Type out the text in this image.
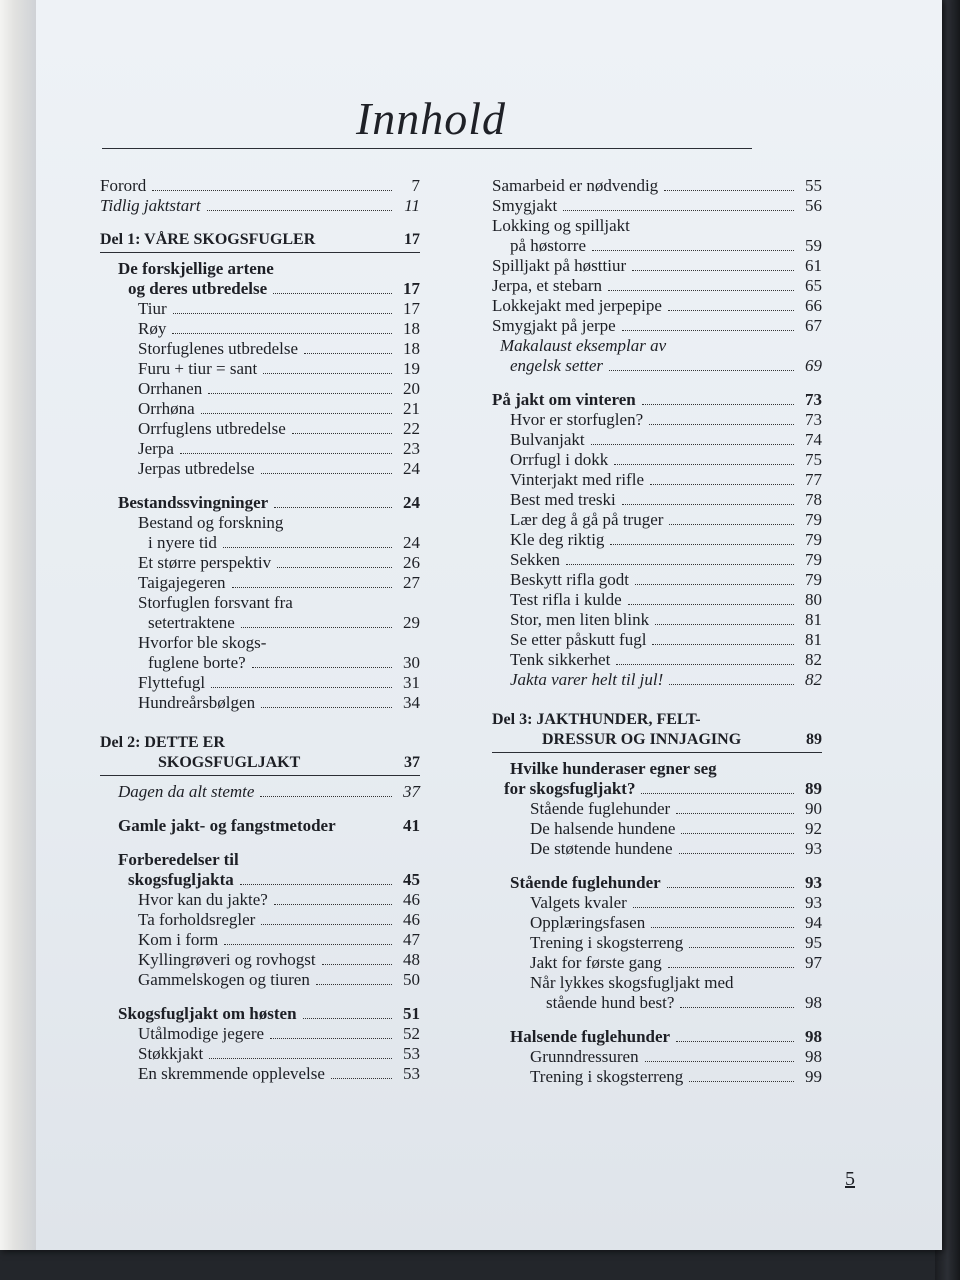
Innhold
Forord	7
Tidlig jaktstart	11
Del 1: VÅRE SKOGSFUGLER	17
De forskjellige artene
og deres utbredelse	17
Tiur	17
Røy	18
Storfuglenes utbredelse	18
Furu + tiur = sant	19
Orrhanen	20
Orrhøna	21
Orrfuglens utbredelse	22
Jerpa	23
Jerpas utbredelse	24
Bestandssvingninger	24
Bestand og forskning
i nyere tid	24
Et større perspektiv	26
Taigajegeren	27
Storfuglen forsvant fra
setertraktene	29
Hvorfor ble skogs-
fuglene borte?	30
Flyttefugl	31
Hundreårsbølgen	34
Del 2: DETTE ER
SKOGSFUGLJAKT	37
Dagen da alt stemte	37
Gamle jakt- og fangstmetoder	41
Forberedelser til
skogsfugljakta	45
Hvor kan du jakte?	46
Ta forholdsregler	46
Kom i form	47
Kyllingrøveri og rovhogst	48
Gammelskogen og tiuren	50
Skogsfugljakt om høsten	51
Utålmodige jegere	52
Støkkjakt	53
En skremmende opplevelse	53
Samarbeid er nødvendig	55
Smygjakt	56
Lokking og spilljakt
på høstorre	59
Spilljakt på høsttiur	61
Jerpa, et stebarn	65
Lokkejakt med jerpepipe	66
Smygjakt på jerpe	67
Makalaust eksemplar av
engelsk setter	69
På jakt om vinteren	73
Hvor er storfuglen?	73
Bulvanjakt	74
Orrfugl i dokk	75
Vinterjakt med rifle	77
Best med treski	78
Lær deg å gå på truger	79
Kle deg riktig	79
Sekken	79
Beskytt rifla godt	79
Test rifla i kulde	80
Stor, men liten blink	81
Se etter påskutt fugl	81
Tenk sikkerhet	82
Jakta varer helt til jul!	82
Del 3: JAKTHUNDER, FELT-
DRESSUR OG INNJAGING	89
Hvilke hunderaser egner seg
for skogsfugljakt?	89
Stående fuglehunder	90
De halsende hundene	92
De støtende hundene	93
Stående fuglehunder	93
Valgets kvaler	93
Opplæringsfasen	94
Trening i skogsterreng	95
Jakt for første gang	97
Når lykkes skogsfugljakt med
stående hund best?	98
Halsende fuglehunder	98
Grunndressuren	98
Trening i skogsterreng	99
5
